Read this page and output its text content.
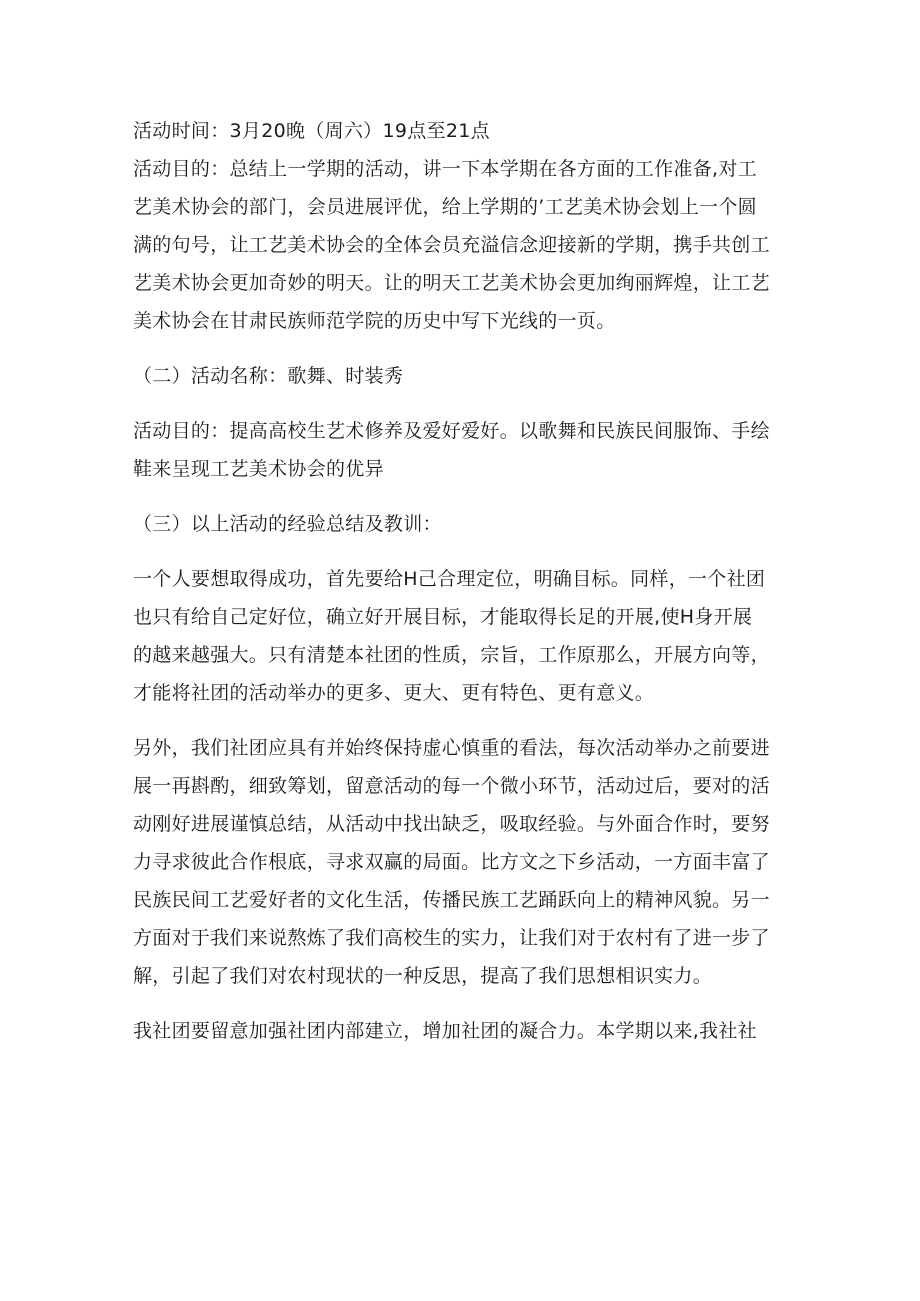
活动时间：3月20晚（周六）19点至21点
活动目的：总结上一学期的活动，讲一下本学期在各方面的工作准备,对工
艺美术协会的部门，会员进展评优，给上学期的’工艺美术协会划上一个圆
满的句号，让工艺美术协会的全体会员充溢信念迎接新的学期，携手共创工
艺美术协会更加奇妙的明天。让的明天工艺美术协会更加绚丽辉煌，让工艺
美术协会在甘肃民族师范学院的历史中写下光线的一页。
（二）活动名称：歌舞、时装秀
活动目的：提高高校生艺术修养及爱好爱好。以歌舞和民族民间服饰、手绘
鞋来呈现工艺美术协会的优异
（三）以上活动的经验总结及教训：
一个人要想取得成功，首先要给H己合理定位，明确目标。同样，一个社团
也只有给自己定好位，确立好开展目标，才能取得长足的开展,使H身开展
的越来越强大。只有清楚本社团的性质，宗旨，工作原那么，开展方向等，
才能将社团的活动举办的更多、更大、更有特色、更有意义。
另外，我们社团应具有并始终保持虚心慎重的看法，每次活动举办之前要进
展一再斟酌，细致筹划，留意活动的每一个微小环节，活动过后，要对的活
动刚好进展谨慎总结，从活动中找出缺乏，吸取经验。与外面合作时，要努
力寻求彼此合作根底，寻求双赢的局面。比方文之下乡活动，一方面丰富了
民族民间工艺爱好者的文化生活，传播民族工艺踊跃向上的精神风貌。另一
方面对于我们来说熬炼了我们高校生的实力，让我们对于农村有了进一步了
解，引起了我们对农村现状的一种反思，提高了我们思想相识实力。
我社团要留意加强社团内部建立，增加社团的凝合力。本学期以来,我社社
